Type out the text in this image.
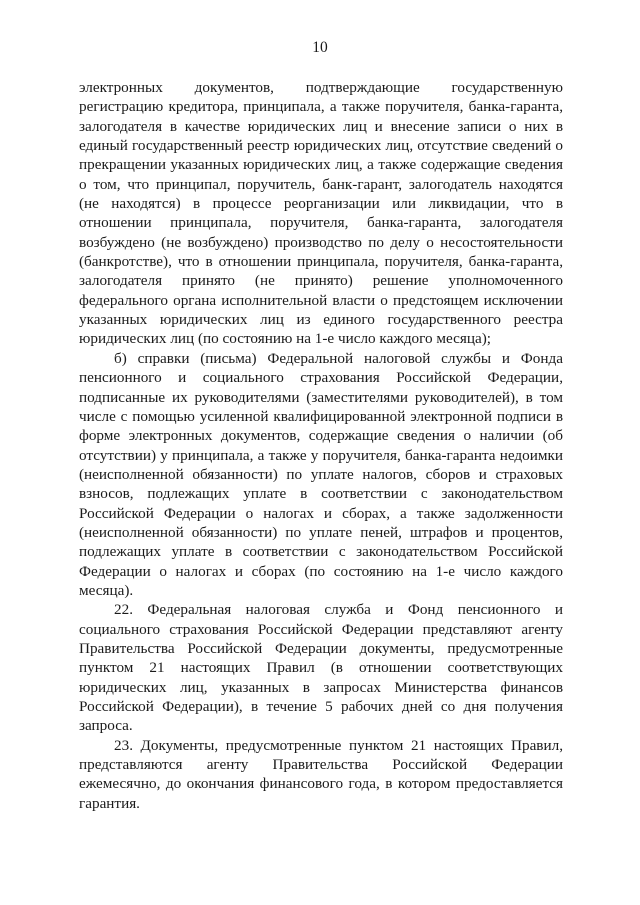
10

электронных документов, подтверждающие государственную регистрацию кредитора, принципала, а также поручителя, банка-гаранта, залогодателя в качестве юридических лиц и внесение записи о них в единый государственный реестр юридических лиц, отсутствие сведений о прекращении указанных юридических лиц, а также содержащие сведения о том, что принципал, поручитель, банк-гарант, залогодатель находятся (не находятся) в процессе реорганизации или ликвидации, что в отношении принципала, поручителя, банка-гаранта, залогодателя возбуждено (не возбуждено) производство по делу о несостоятельности (банкротстве), что в отношении принципала, поручителя, банка-гаранта, залогодателя принято (не принято) решение уполномоченного федерального органа исполнительной власти о предстоящем исключении указанных юридических лиц из единого государственного реестра юридических лиц (по состоянию на 1-е число каждого месяца);

б) справки (письма) Федеральной налоговой службы и Фонда пенсионного и социального страхования Российской Федерации, подписанные их руководителями (заместителями руководителей), в том числе с помощью усиленной квалифицированной электронной подписи в форме электронных документов, содержащие сведения о наличии (об отсутствии) у принципала, а также у поручителя, банка-гаранта недоимки (неисполненной обязанности) по уплате налогов, сборов и страховых взносов, подлежащих уплате в соответствии с законодательством Российской Федерации о налогах и сборах, а также задолженности (неисполненной обязанности) по уплате пеней, штрафов и процентов, подлежащих уплате в соответствии с законодательством Российской Федерации о налогах и сборах (по состоянию на 1-е число каждого месяца).

22. Федеральная налоговая служба и Фонд пенсионного и социального страхования Российской Федерации представляют агенту Правительства Российской Федерации документы, предусмотренные пунктом 21 настоящих Правил (в отношении соответствующих юридических лиц, указанных в запросах Министерства финансов Российской Федерации), в течение 5 рабочих дней со дня получения запроса.

23. Документы, предусмотренные пунктом 21 настоящих Правил, представляются агенту Правительства Российской Федерации ежемесячно, до окончания финансового года, в котором предоставляется гарантия.
